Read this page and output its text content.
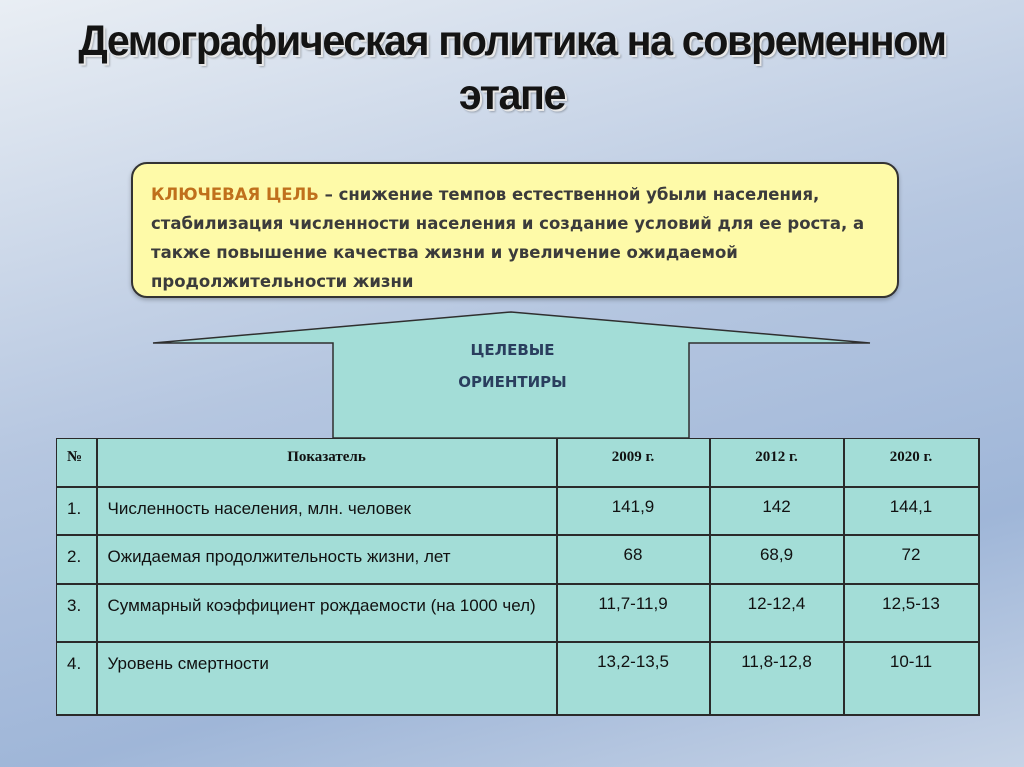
Демографическая политика на современном
этапе
КЛЮЧЕВАЯ ЦЕЛЬ – снижение темпов естественной убыли населения, стабилизация численности населения и создание условий для ее роста, а также повышение качества жизни и увеличение ожидаемой продолжительности жизни
ЦЕЛЕВЫЕ
ОРИЕНТИРЫ
№	Показатель	2009 г.	2012 г.	2020 г.
1.	Численность населения, млн. человек	141,9	142	144,1
2.	Ожидаемая продолжительность жизни, лет	68	68,9	72
3.	Суммарный коэффициент рождаемости (на 1000 чел)	11,7-11,9	12-12,4	12,5-13
4.	Уровень смертности	13,2-13,5	11,8-12,8	10-11
